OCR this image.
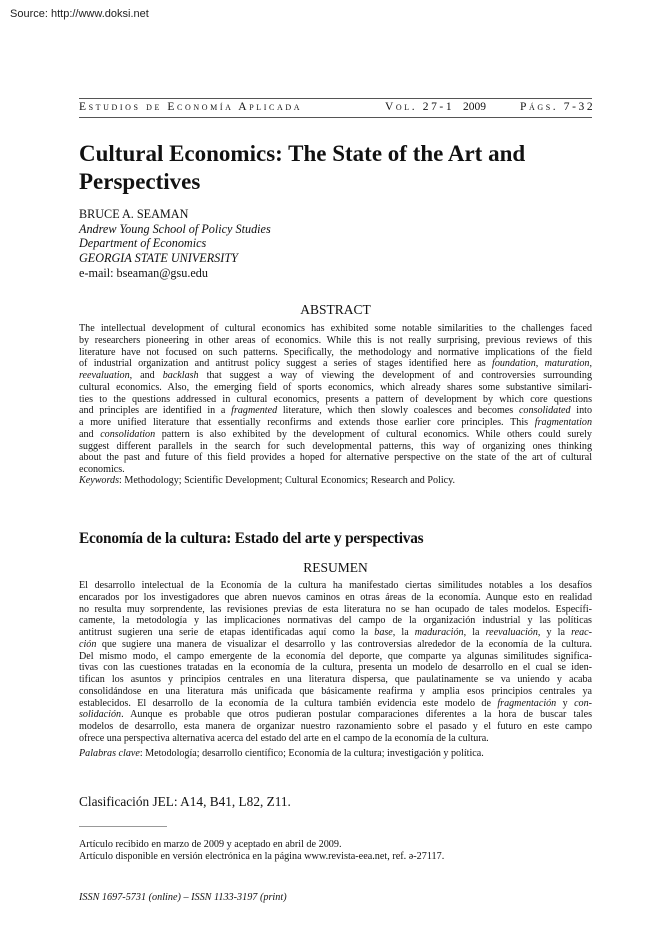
Source: http://www.doksi.net
Estudios de Economía Aplicada	Vol. 27-1 2009	Págs. 7-32
Cultural Economics: The State of the Art and Perspectives
BRUCE A. SEAMAN
Andrew Young School of Policy Studies
Department of Economics
GEORGIA STATE UNIVERSITY
e-mail: bseaman@gsu.edu
ABSTRACT
The intellectual development of cultural economics has exhibited some notable similarities to the challenges faced
by researchers pioneering in other areas of economics. While this is not really surprising, previous reviews of this
literature have not focused on such patterns. Specifically, the methodology and normative implications of the field
of industrial organization and antitrust policy suggest a series of stages identified here as foundation, maturation,
reevaluation, and backlash that suggest a way of viewing the development of and controversies surrounding
cultural economics. Also, the emerging field of sports economics, which already shares some substantive similari-
ties to the questions addressed in cultural economics, presents a pattern of development by which core questions
and principles are identified in a fragmented literature, which then slowly coalesces and becomes consolidated into
a more unified literature that essentially reconfirms and extends those earlier core principles. This fragmentation
and consolidation pattern is also exhibited by the development of cultural economics. While others could surely
suggest different parallels in the search for such developmental patterns, this way of organizing ones thinking
about the past and future of this field provides a hoped for alternative perspective on the state of the art of cultural
economics.
Keywords: Methodology; Scientific Development; Cultural Economics; Research and Policy.
Economía de la cultura: Estado del arte y perspectivas
RESUMEN
El desarrollo intelectual de la Economía de la cultura ha manifestado ciertas similitudes notables a los desafíos
encarados por los investigadores que abren nuevos caminos en otras áreas de la economía. Aunque esto en realidad
no resulta muy sorprendente, las revisiones previas de esta literatura no se han ocupado de tales modelos. Específi-
camente, la metodología y las implicaciones normativas del campo de la organización industrial y las políticas
antitrust sugieren una serie de etapas identificadas aquí como la base, la maduración, la reevaluación, y la reac-
ción que sugiere una manera de visualizar el desarrollo y las controversias alrededor de la economía de la cultura.
Del mismo modo, el campo emergente de la economía del deporte, que comparte ya algunas similitudes significa-
tivas con las cuestiones tratadas en la economía de la cultura, presenta un modelo de desarrollo en el cual se iden-
tifican los asuntos y principios centrales en una literatura dispersa, que paulatinamente se va uniendo y acaba
consolidándose en una literatura más unificada que básicamente reafirma y amplia esos principios centrales ya
establecidos. El desarrollo de la economía de la cultura también evidencia este modelo de fragmentación y con-
solidación. Aunque es probable que otros pudieran postular comparaciones diferentes a la hora de buscar tales
modelos de desarrollo, esta manera de organizar nuestro razonamiento sobre el pasado y el futuro en este campo
ofrece una perspectiva alternativa acerca del estado del arte en el campo de la economía de la cultura.
Palabras clave: Metodología; desarrollo científico; Economía de la cultura; investigación y política.
Clasificación JEL: A14, B41, L82, Z11.
Artículo recibido en marzo de 2009 y aceptado en abril de 2009.
Artículo disponible en versión electrónica en la página www.revista-eea.net, ref. ə-27117.
ISSN 1697-5731 (online) – ISSN 1133-3197 (print)
